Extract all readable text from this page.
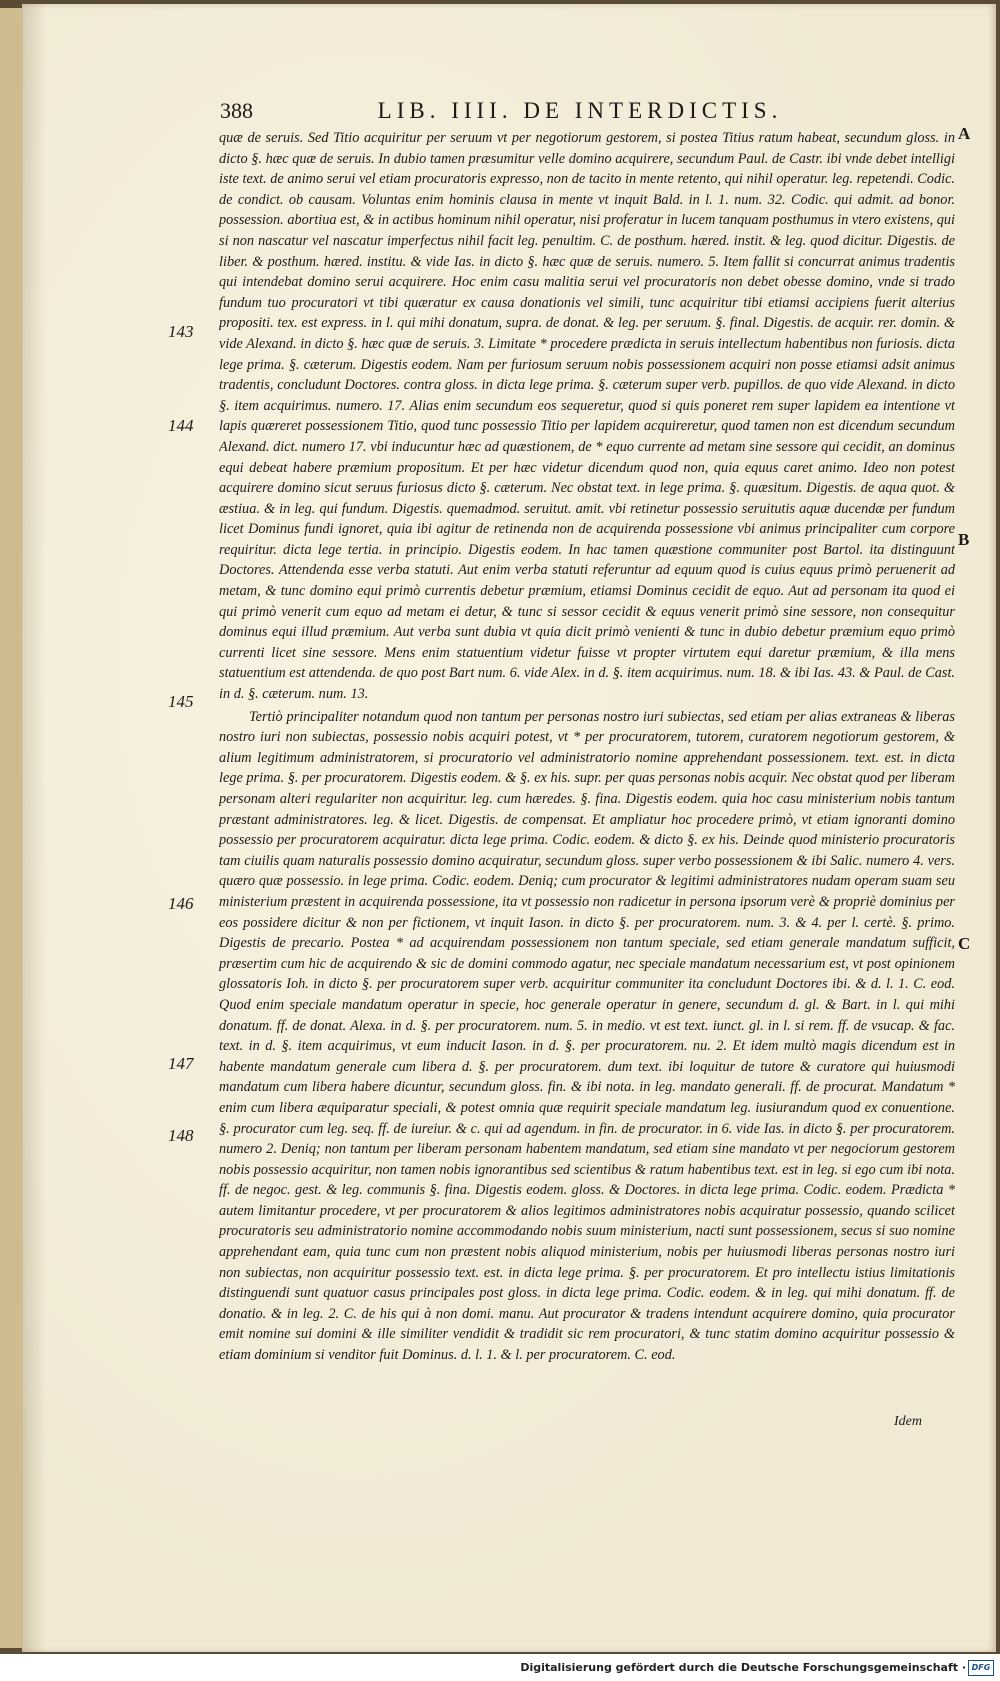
388	LIB. IIII. DE INTERDICTIS.
143
144
145
146
147
148
A
B
C

quæ de seruis. Sed Titio acquiritur per seruum vt per negotiorum gestorem, si postea Titius ratum habeat, secundum gloss. in dicto §. hæc quæ de seruis. In dubio tamen præsumitur velle domino acquirere, secundum Paul. de Castr. ibi vnde debet intelligi iste text. de animo serui vel etiam procuratoris expresso, non de tacito in mente retento, qui nihil operatur. leg. repetendi. Codic. de condict. ob causam. Voluntas enim hominis clausa in mente vt inquit Bald. in l. 1. num. 32. Codic. qui admit. ad bonor. possession. abortiua est, & in actibus hominum nihil operatur, nisi proferatur in lucem tanquam posthumus in vtero existens, qui si non nascatur vel nascatur imperfectus nihil facit leg. penultim. C. de posthum. hæred. instit. & leg. quod dicitur. Digestis. de liber. & posthum. hæred. institu. & vide Ias. in dicto §. hæc quæ de seruis. numero. 5. Item fallit si concurrat animus tradentis qui intendebat domino serui acquirere. Hoc enim casu malitia serui vel procuratoris non debet obesse domino, vnde si trado fundum tuo procuratori vt tibi quæratur ex causa donationis vel simili, tunc acquiritur tibi etiamsi accipiens fuerit alterius propositi. tex. est express. in l. qui mihi donatum, supra. de donat. & leg. per seruum. §. final. Digestis. de acquir. rer. domin. & vide Alexand. in dicto §. hæc quæ de seruis. 3. Limitate * procedere prædicta in seruis intellectum habentibus non furiosis. dicta lege prima. §. cæterum. Digestis eodem. Nam per furiosum seruum nobis possessionem acquiri non posse etiamsi adsit animus tradentis, concludunt Doctores. contra gloss. in dicta lege prima. §. cæterum super verb. pupillos. de quo vide Alexand. in dicto §. item acquirimus. numero. 17. Alias enim secundum eos sequeretur, quod si quis poneret rem super lapidem ea intentione vt lapis quæreret possessionem Titio, quod tunc possessio Titio per lapidem acquireretur, quod tamen non est dicendum secundum Alexand. dict. numero 17. vbi inducuntur hæc ad quæstionem, de * equo currente ad metam sine sessore qui cecidit, an dominus equi debeat habere præmium propositum. Et per hæc videtur dicendum quod non, quia equus caret animo. Ideo non potest acquirere domino sicut seruus furiosus dicto §. cæterum. Nec obstat text. in lege prima. §. quæsitum. Digestis. de aqua quot. & æstiua. & in leg. qui fundum. Digestis. quemadmod. seruitut. amit. vbi retinetur possessio seruitutis aquæ ducendæ per fundum licet Dominus fundi ignoret, quia ibi agitur de retinenda non de acquirenda possessione vbi animus principaliter cum corpore requiritur. dicta lege tertia. in principio. Digestis eodem. In hac tamen quæstione communiter post Bartol. ita distinguunt Doctores. Attendenda esse verba statuti. Aut enim verba statuti referuntur ad equum quod is cuius equus primò peruenerit ad metam, & tunc domino equi primò currentis debetur præmium, etiamsi Dominus cecidit de equo. Aut ad personam ita quod ei qui primò venerit cum equo ad metam ei detur, & tunc si sessor cecidit & equus venerit primò sine sessore, non consequitur dominus equi illud præmium. Aut verba sunt dubia vt quia dicit primò venienti & tunc in dubio debetur præmium equo primò currenti licet sine sessore. Mens enim statuentium videtur fuisse vt propter virtutem equi daretur præmium, & illa mens statuentium est attendenda. de quo post Bart num. 6. vide Alex. in d. §. item acquirimus. num. 18. & ibi Ias. 43. & Paul. de Cast. in d. §. cæterum. num. 13.

Tertiò principaliter notandum quod non tantum per personas nostro iuri subiectas, sed etiam per alias extraneas & liberas nostro iuri non subiectas, possessio nobis acquiri potest, vt * per procuratorem, tutorem, curatorem negotiorum gestorem, & alium legitimum administratorem, si procuratorio vel administratorio nomine apprehendant possessionem. text. est. in dicta lege prima. §. per procuratorem. Digestis eodem. & §. ex his. supr. per quas personas nobis acquir. Nec obstat quod per liberam personam alteri regulariter non acquiritur. leg. cum hæredes. §. fina. Digestis eodem. quia hoc casu ministerium nobis tantum præstant administratores. leg. & licet. Digestis. de compensat. Et ampliatur hoc procedere primò, vt etiam ignoranti domino possessio per procuratorem acquiratur. dicta lege prima. Codic. eodem. & dicto §. ex his. Deinde quod ministerio procuratoris tam ciuilis quam naturalis possessio domino acquiratur, secundum gloss. super verbo possessionem & ibi Salic. numero 4. vers. quæro quæ possessio. in lege prima. Codic. eodem. Deniq; cum procurator & legitimi administratores nudam operam suam seu ministerium præstent in acquirenda possessione, ita vt possessio non radicetur in persona ipsorum verè & propriè dominius per eos possidere dicitur & non per fictionem, vt inquit Iason. in dicto §. per procuratorem. num. 3. & 4. per l. certè. §. primo. Digestis de precario. Postea * ad acquirendam possessionem non tantum speciale, sed etiam generale mandatum sufficit, præsertim cum hic de acquirendo & sic de domini commodo agatur, nec speciale mandatum necessarium est, vt post opinionem glossatoris Ioh. in dicto §. per procuratorem super verb. acquiritur communiter ita concludunt Doctores ibi. & d. l. 1. C. eod. Quod enim speciale mandatum operatur in specie, hoc generale operatur in genere, secundum d. gl. & Bart. in l. qui mihi donatum. ff. de donat. Alexa. in d. §. per procuratorem. num. 5. in medio. vt est text. iunct. gl. in l. si rem. ff. de vsucap. & fac. text. in d. §. item acquirimus, vt eum inducit Iason. in d. §. per procuratorem. nu. 2. Et idem multò magis dicendum est in habente mandatum generale cum libera d. §. per procuratorem. dum text. ibi loquitur de tutore & curatore qui huiusmodi mandatum cum libera habere dicuntur, secundum gloss. fin. & ibi nota. in leg. mandato generali. ff. de procurat. Mandatum * enim cum libera æquiparatur speciali, & potest omnia quæ requirit speciale mandatum leg. iusiurandum quod ex conuentione. §. procurator cum leg. seq. ff. de iureiur. & c. qui ad agendum. in fin. de procurator. in 6. vide Ias. in dicto §. per procuratorem. numero 2. Deniq; non tantum per liberam personam habentem mandatum, sed etiam sine mandato vt per negociorum gestorem nobis possessio acquiritur, non tamen nobis ignorantibus sed scientibus & ratum habentibus text. est in leg. si ego cum ibi nota. ff. de negoc. gest. & leg. communis §. fina. Digestis eodem. gloss. & Doctores. in dicta lege prima. Codic. eodem. Prædicta * autem limitantur procedere, vt per procuratorem & alios legitimos administratores nobis acquiratur possessio, quando scilicet procuratoris seu administratorio nomine accommodando nobis suum ministerium, nacti sunt possessionem, secus si suo nomine apprehendant eam, quia tunc cum non præstent nobis aliquod ministerium, nobis per huiusmodi liberas personas nostro iuri non subiectas, non acquiritur possessio text. est. in dicta lege prima. §. per procuratorem. Et pro intellectu istius limitationis distinguendi sunt quatuor casus principales post gloss. in dicta lege prima. Codic. eodem. & in leg. qui mihi donatum. ff. de donatio. & in leg. 2. C. de his qui à non domi. manu. Aut procurator & tradens intendunt acquirere domino, quia procurator emit nomine sui domini & ille similiter vendidit & tradidit sic rem procuratori, & tunc statim domino acquiritur possessio & etiam dominium si venditor fuit Dominus. d. l. 1. & l. per procuratorem. C. eod.

Idem
Digitalisierung gefördert durch die Deutsche Forschungsgemeinschaft · DFG
